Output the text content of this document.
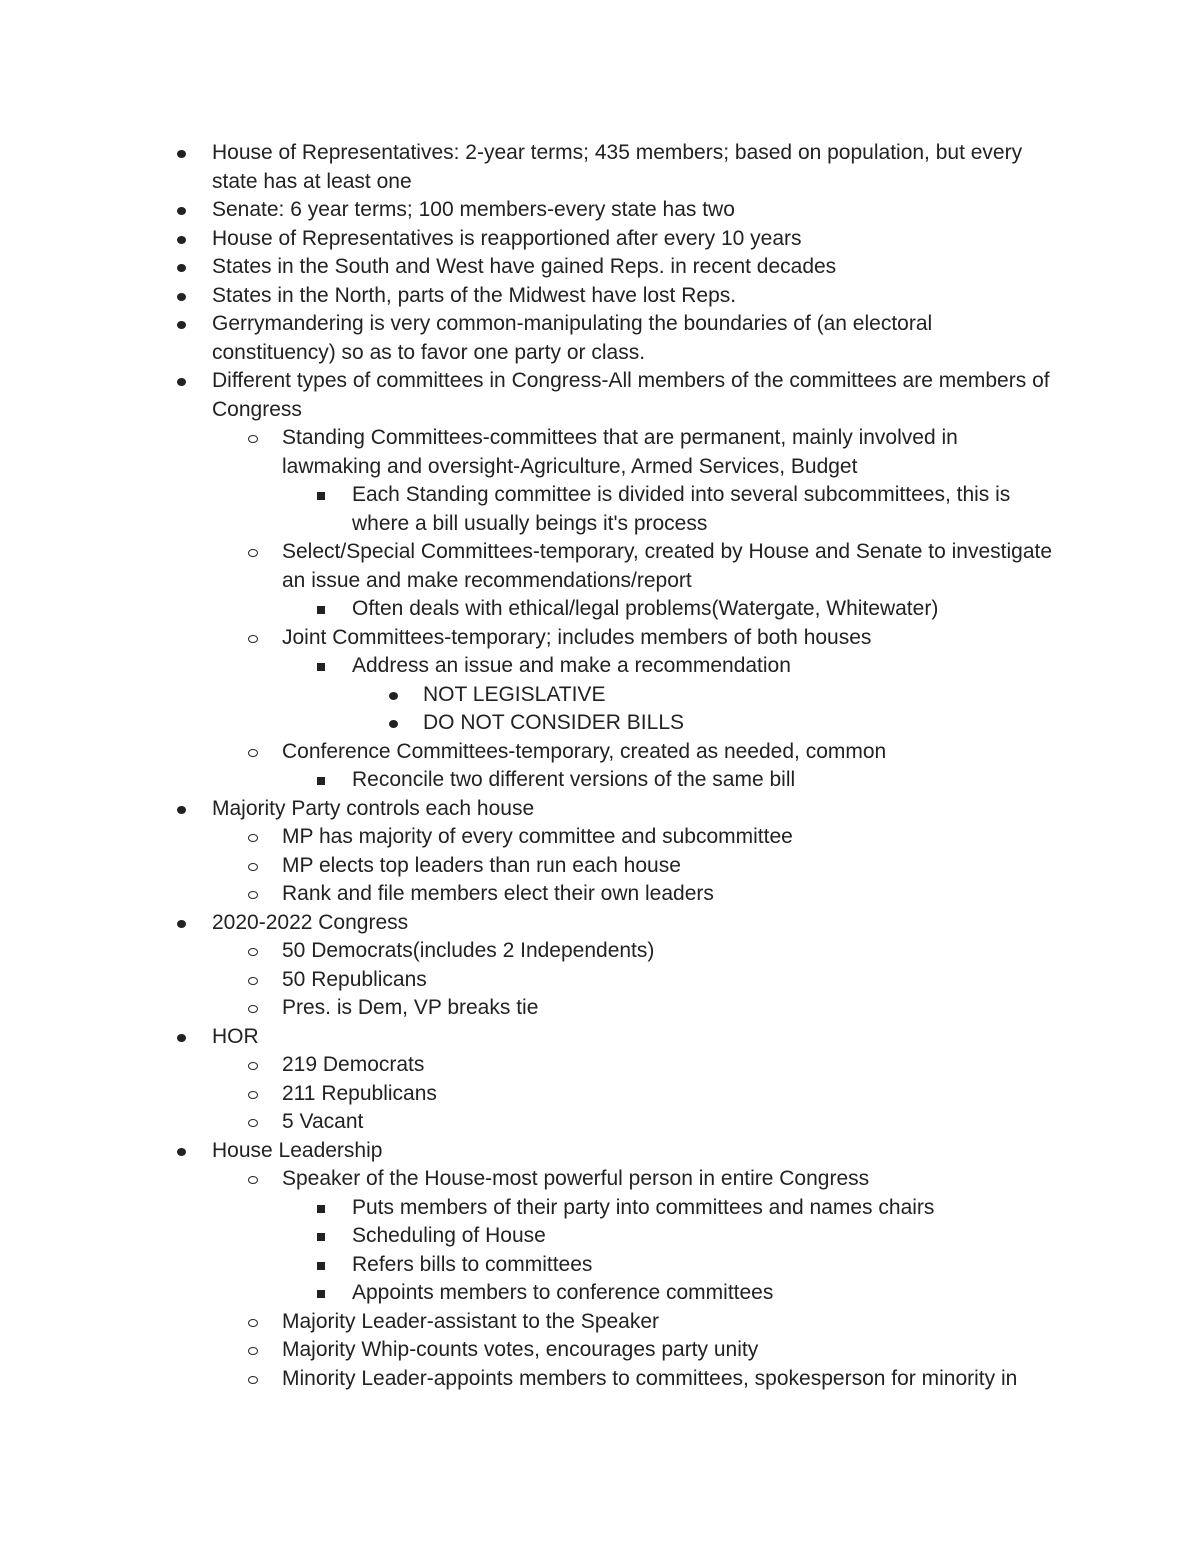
House of Representatives: 2-year terms; 435 members; based on population, but every state has at least one
Senate: 6 year terms; 100 members-every state has two
House of Representatives is reapportioned after every 10 years
States in the South and West have gained Reps. in recent decades
States in the North, parts of the Midwest have lost Reps.
Gerrymandering is very common-manipulating the boundaries of (an electoral constituency) so as to favor one party or class.
Different types of committees in Congress-All members of the committees are members of Congress
Standing Committees-committees that are permanent, mainly involved in lawmaking and oversight-Agriculture, Armed Services, Budget
Each Standing committee is divided into several subcommittees, this is where a bill usually beings it's process
Select/Special Committees-temporary, created by House and Senate to investigate an issue and make recommendations/report
Often deals with ethical/legal problems(Watergate, Whitewater)
Joint Committees-temporary; includes members of both houses
Address an issue and make a recommendation
NOT LEGISLATIVE
DO NOT CONSIDER BILLS
Conference Committees-temporary, created as needed, common
Reconcile two different versions of the same bill
Majority Party controls each house
MP has majority of every committee and subcommittee
MP elects top leaders than run each house
Rank and file members elect their own leaders
2020-2022 Congress
50 Democrats(includes 2 Independents)
50 Republicans
Pres. is Dem, VP breaks tie
HOR
219 Democrats
211 Republicans
5 Vacant
House Leadership
Speaker of the House-most powerful person in entire Congress
Puts members of their party into committees and names chairs
Scheduling of House
Refers bills to committees
Appoints members to conference committees
Majority Leader-assistant to the Speaker
Majority Whip-counts votes, encourages party unity
Minority Leader-appoints members to committees, spokesperson for minority in
